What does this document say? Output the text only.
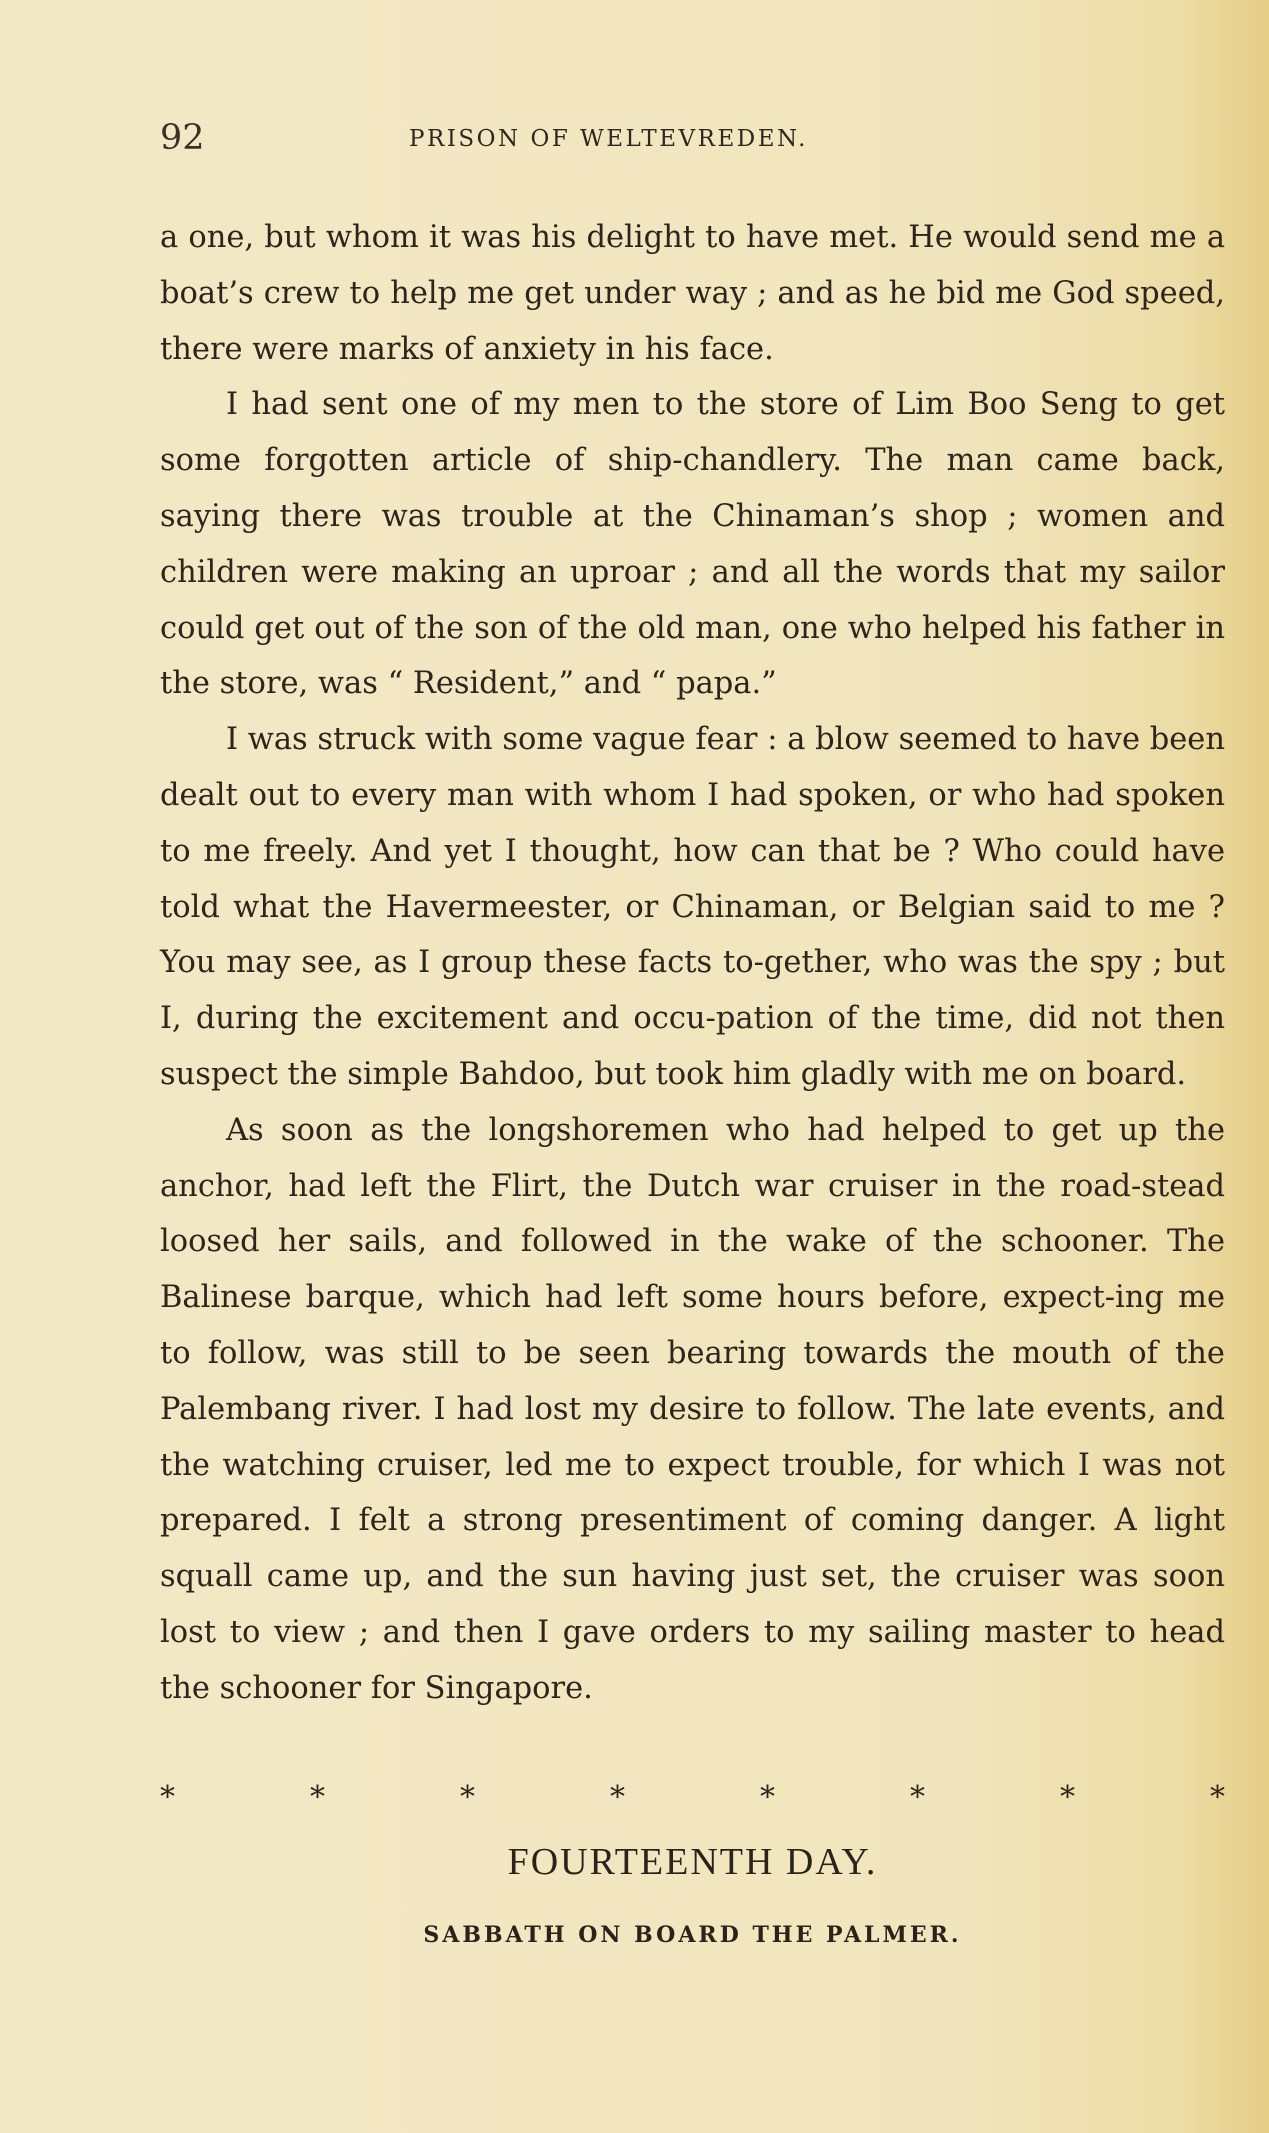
92	PRISON OF WELTEVREDEN.

a one, but whom it was his delight to have met. He would send me a boat’s crew to help me get under way ; and as he bid me God speed, there were marks of anxiety in his face.

I had sent one of my men to the store of Lim Boo Seng to get some forgotten article of ship-chandlery. The man came back, saying there was trouble at the Chinaman’s shop ; women and children were making an uproar ; and all the words that my sailor could get out of the son of the old man, one who helped his father in the store, was “ Resident,” and “ papa.”

I was struck with some vague fear : a blow seemed to have been dealt out to every man with whom I had spoken, or who had spoken to me freely. And yet I thought, how can that be ? Who could have told what the Havermeester, or Chinaman, or Belgian said to me ? You may see, as I group these facts to-gether, who was the spy ; but I, during the excitement and occu-pation of the time, did not then suspect the simple Bahdoo, but took him gladly with me on board.

As soon as the longshoremen who had helped to get up the anchor, had left the Flirt, the Dutch war cruiser in the road-stead loosed her sails, and followed in the wake of the schooner. The Balinese barque, which had left some hours before, expect-ing me to follow, was still to be seen bearing towards the mouth of the Palembang river. I had lost my desire to follow. The late events, and the watching cruiser, led me to expect trouble, for which I was not prepared. I felt a strong presentiment of coming danger. A light squall came up, and the sun having just set, the cruiser was soon lost to view ; and then I gave orders to my sailing master to head the schooner for Singapore.

*	*	*	*	*	*	*	*
FOURTEENTH DAY.
SABBATH ON BOARD THE PALMER.
